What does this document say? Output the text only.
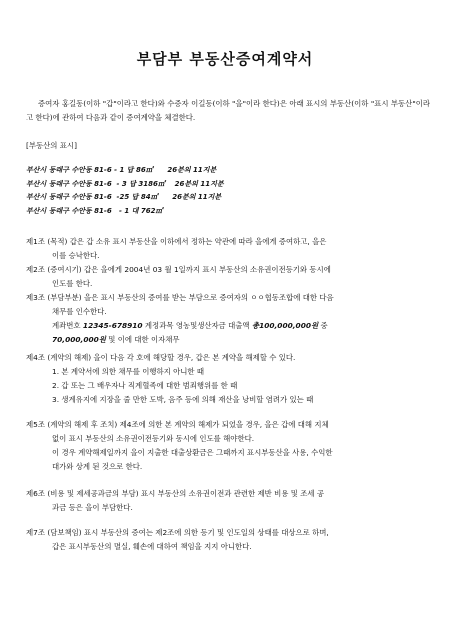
부담부 부동산증여계약서
증여자 홍길동(이하 "갑"이라고 한다)와 수증자 이길동(이하 "을"이라 한다)은 아래 표시의 부동산(이하 "표시 부동산"이라고 한다)에 관하여 다음과 같이 증여계약을 체결한다.
[부동산의 표시]
부산시 동래구 수안동 81-6 - 1 답 86㎡      26분의 11지분
부산시 동래구 수안동 81-6  - 3 답 3186㎡    26분의 11지분
부산시 동래구 수안동 81-6  -25 답 84㎡      26분의 11지분
부산시 동래구 수안동 81-6   - 1 대 762㎡
제1조 (목적) 갑은 갑 소유 표시 부동산을 이하에서 정하는 약관에 따라 을에게 증여하고, 을은
이를 승낙한다.
제2조 (증여시기) 갑은 을에게 2004년 03 월 1일까지 표시 부동산의 소유권이전등기와 동시에
인도를 한다.
제3조 (부담부분) 을은 표시 부동산의 증여를 받는 부담으로 증여자의 ㅇㅇ협동조합에 대한 다음
채무를 인수한다.
계좌번호 12345-678910 계정과목 영농및생산자금 대출액 총100,000,000원 중
70,000,000원 및 이에 대한 이자채무
제4조 (계약의 해제) 을이 다음 각 호에 해당할 경우, 갑은 본 계약을 해제할 수 있다.
1. 본 계약서에 의한 채무를 이행하지 아니한 때
2. 갑 또는 그 배우자나 직계혈족에 대한 범죄행위를 한 때
3. 생계유지에 지장을 줄 만한 도박, 음주 등에 의해 재산을 낭비할 염려가 있는 때
제5조 (계약의 해제 후 조치) 제4조에 의한 본 계약의 해제가 되었을 경우, 을은 갑에 대해 지체
없이 표시 부동산의 소유권이전등기와 동시에 인도를 해야한다.
이 경우 계약해제일까지 을이 지출한 대출상환금은 그때까지 표시부동산을 사용, 수익한
대가와 상계 된 것으로 한다.
제6조 (비용 및 제세공과금의 부담) 표시 부동산의 소유권이전과 관련한 제반 비용 및 조세 공
과금 등은 을이 부담한다.
제7조 (담보책임) 표시 부동산의 증여는 제2조에 의한 등기 및 인도일의 상태를 대상으로 하며,
갑은 표시부동산의 멸실, 훼손에 대하여 책임을 지지 아니한다.
